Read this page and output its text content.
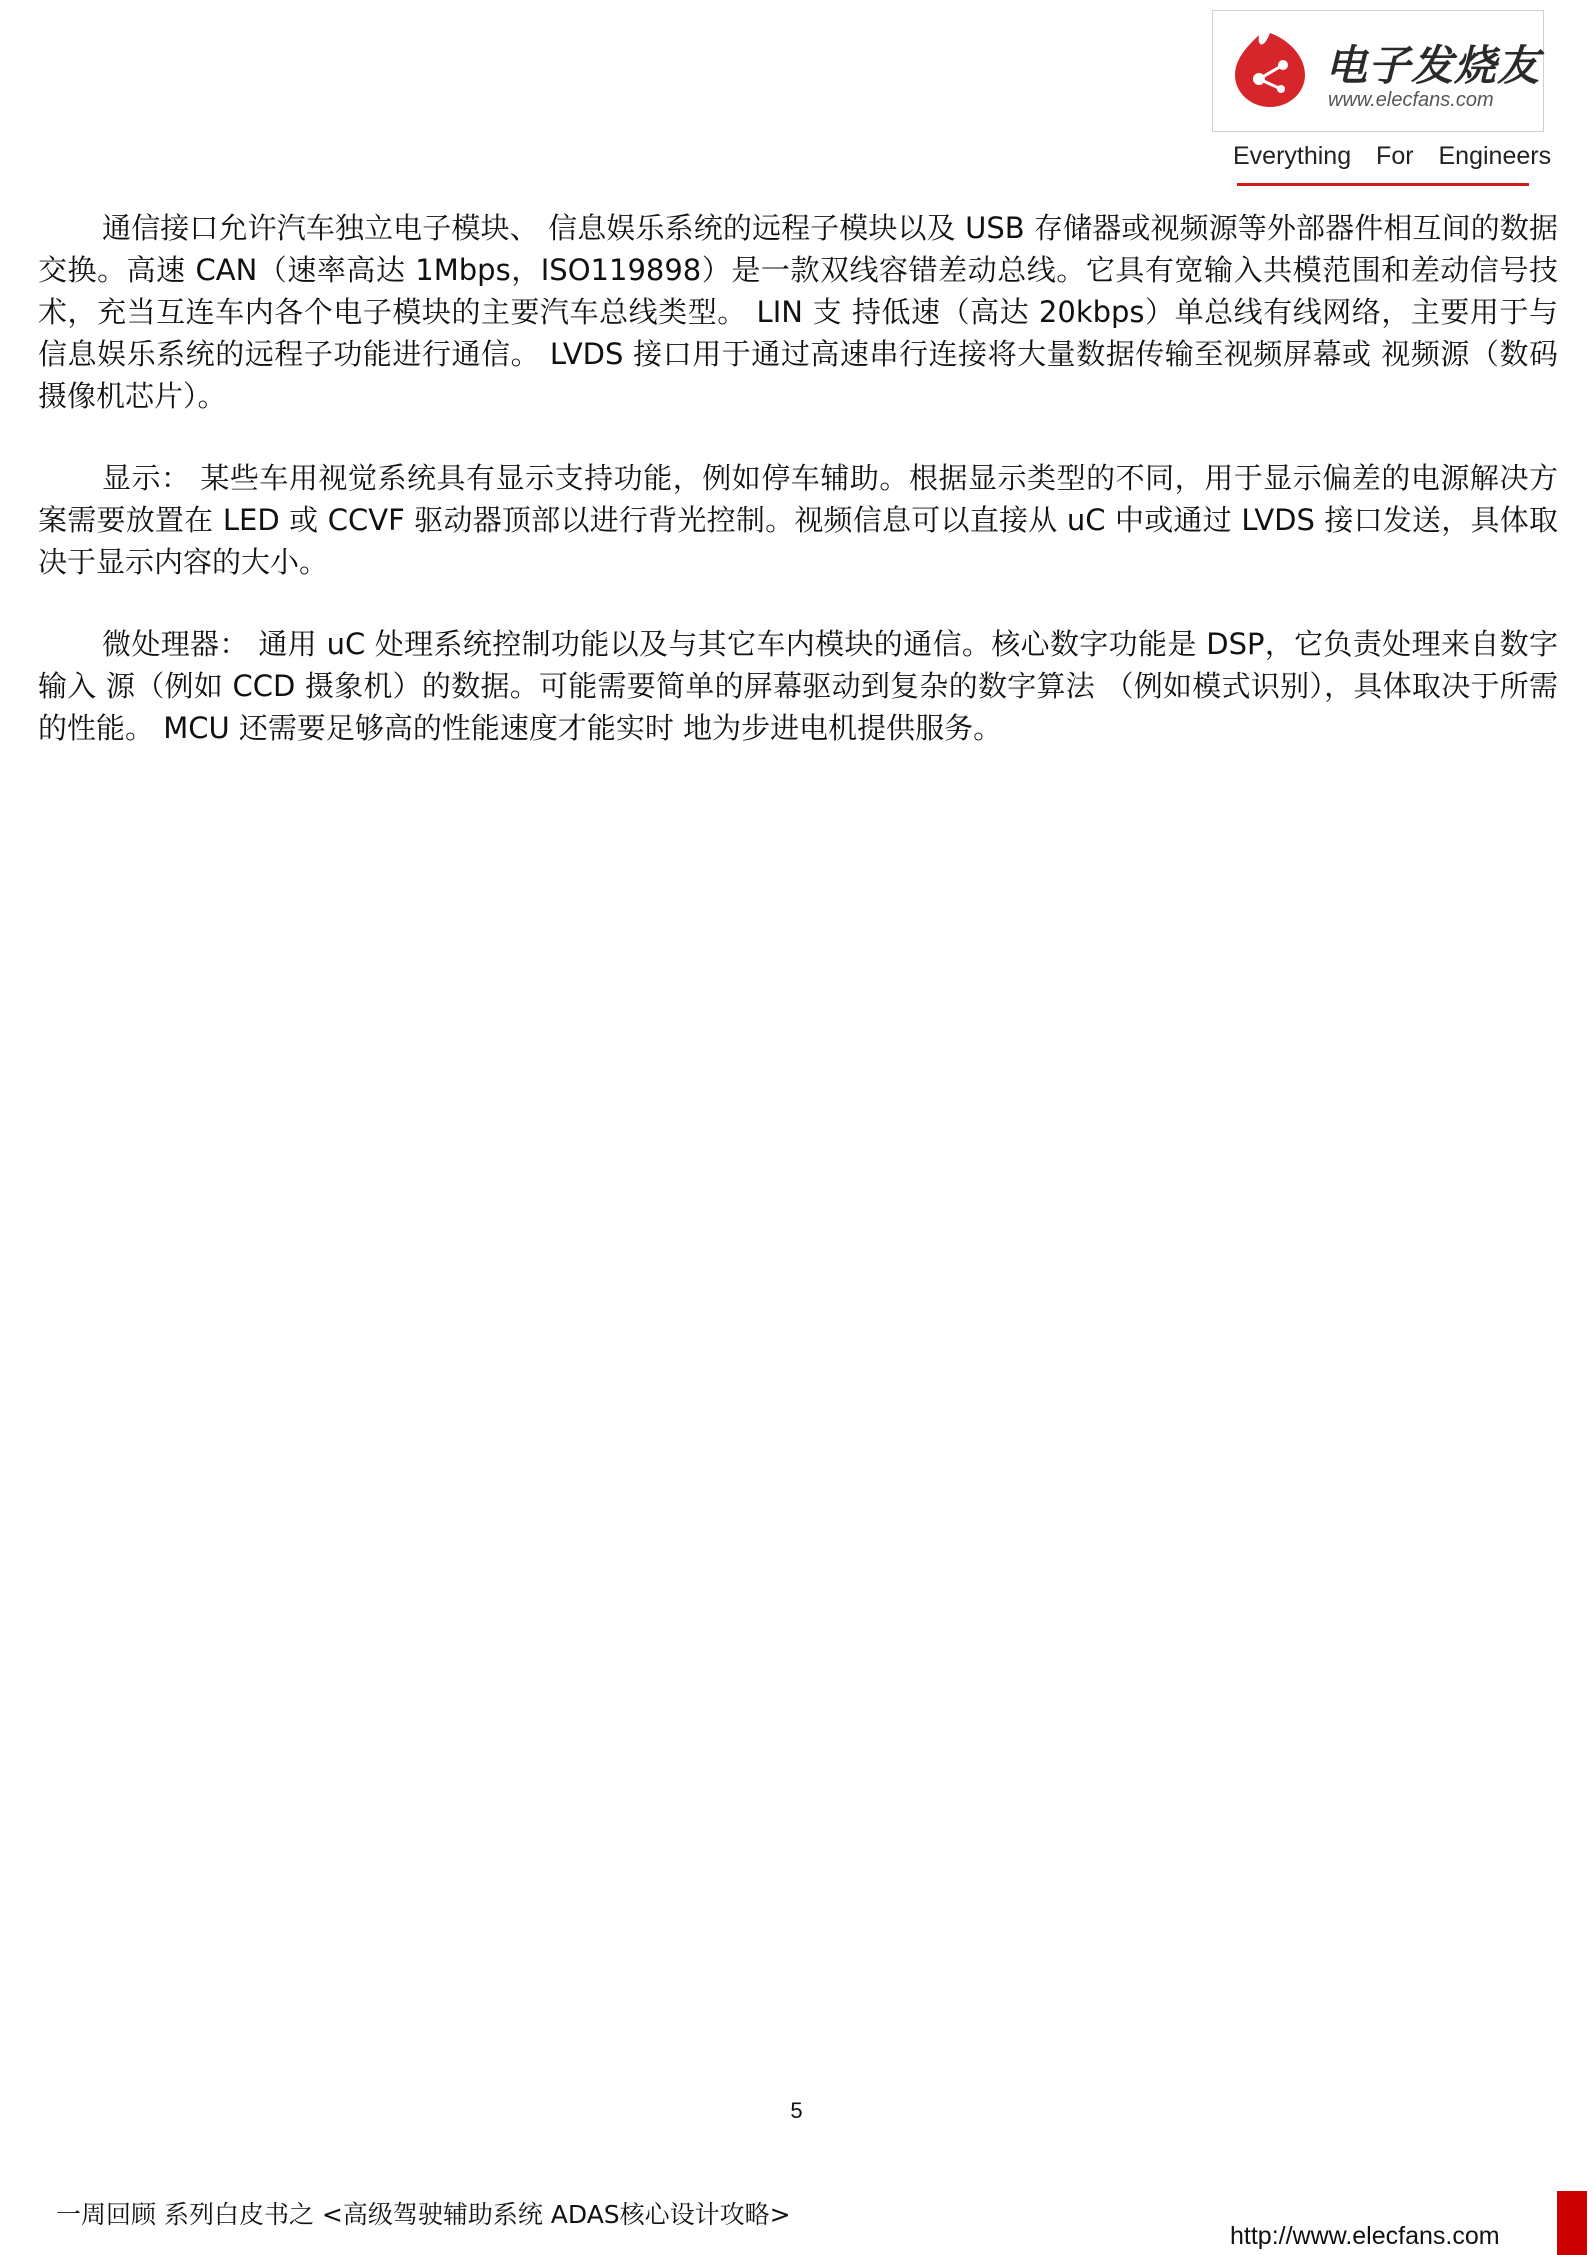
电子发烧友
www.elecfans.com
Everything For Engineers

通信接口允许汽车独立电子模块、 信息娱乐系统的远程子模块以及 USB 存储器或视频源等外部器件相互间的数据交换。高速 CAN（速率高达 1Mbps，ISO119898）是一款双线容错差动总线。它具有宽输入共模范围和差动信号技术，充当互连车内各个电子模块的主要汽车总线类型。 LIN 支 持低速（高达 20kbps）单总线有线网络，主要用于与信息娱乐系统的远程子功能进行通信。 LVDS 接口用于通过高速串行连接将大量数据传输至视频屏幕或 视频源（数码摄像机芯片）。

显示： 某些车用视觉系统具有显示支持功能，例如停车辅助。根据显示类型的不同，用于显示偏差的电源解决方案需要放置在 LED 或 CCVF 驱动器顶部以进行背光控制。视频信息可以直接从 uC 中或通过 LVDS 接口发送，具体取决于显示内容的大小。

微处理器： 通用 uC 处理系统控制功能以及与其它车内模块的通信。核心数字功能是 DSP，它负责处理来自数字输入 源（例如 CCD 摄象机）的数据。可能需要简单的屏幕驱动到复杂的数字算法 （例如模式识别），具体取决于所需的性能。 MCU 还需要足够高的性能速度才能实时 地为步进电机提供服务。

5
一周回顾 系列白皮书之 <高级驾驶辅助系统 ADAS核心设计攻略>
http://www.elecfans.com
